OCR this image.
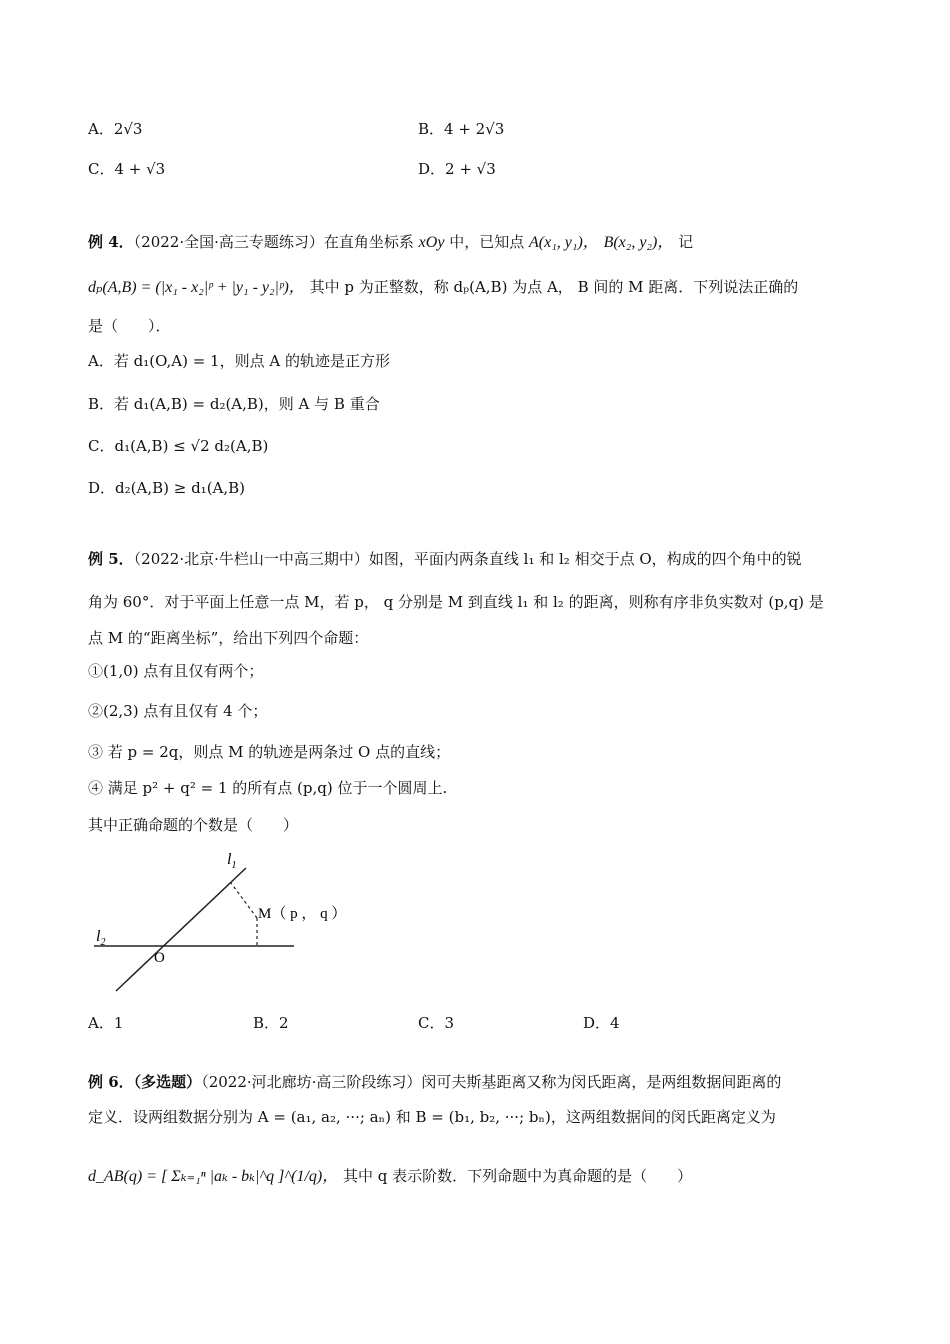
A．2√3	B．4 + 2√3
C．4 + √3	D．2 + √3
例 4．（2022·全国·高三专题练习）在直角坐标系 xOy 中，已知点 A(x₁, y₁)， B(x₂, y₂)， 记
dₚ(A,B) = (|x₁ - x₂|ᵖ + |y₁ - y₂|ᵖ)， 其中 p 为正整数，称 dₚ(A,B) 为点 A， B 间的 M 距离．下列说法正确的
是（　　）．
A．若 d₁(O,A) = 1，则点 A 的轨迹是正方形
B．若 d₁(A,B) = d₂(A,B)，则 A 与 B 重合
C．d₁(A,B) ≤ √2 d₂(A,B)
D．d₂(A,B) ≥ d₁(A,B)
例 5．（2022·北京·牛栏山一中高三期中）如图，平面内两条直线 l₁ 和 l₂ 相交于点 O，构成的四个角中的锐
角为 60°．对于平面上任意一点 M，若 p， q 分别是 M 到直线 l₁ 和 l₂ 的距离，则称有序非负实数对 (p,q) 是
点 M 的“距离坐标”，给出下列四个命题：
①(1,0) 点有且仅有两个；
②(2,3) 点有且仅有 4 个；
③ 若 p = 2q，则点 M 的轨迹是两条过 O 点的直线；
④ 满足 p² + q² = 1 的所有点 (p,q) 位于一个圆周上.
其中正确命题的个数是（　　）
$l_1$
$l_2$
O
M（ p ， q ）
A．1	B．2	C．3	D．4
例 6．（多选题）（2022·河北廊坊·高三阶段练习）闵可夫斯基距离又称为闵氏距离，是两组数据间距离的
定义．设两组数据分别为 A = (a₁, a₂, ···; aₙ) 和 B = (b₁, b₂, ···; bₙ)，这两组数据间的闵氏距离定义为
d_AB(q) = [ Σₖ₌₁ⁿ |aₖ - bₖ|^q ]^(1/q)， 其中 q 表示阶数．下列命题中为真命题的是（　　）
